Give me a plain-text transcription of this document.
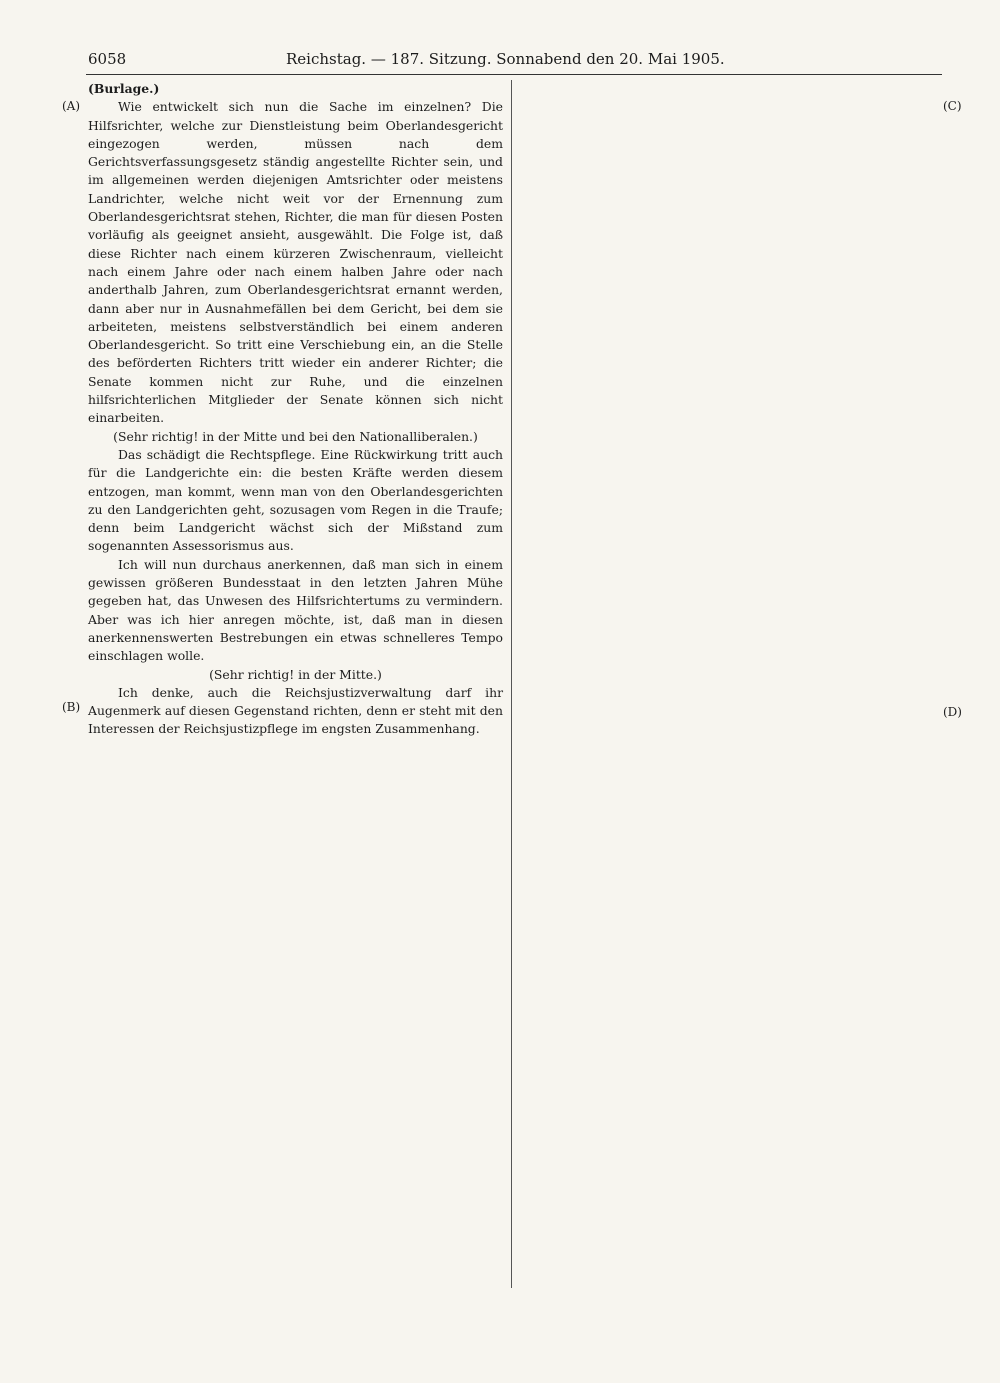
6058	Reichstag. — 187. Sitzung. Sonnabend den 20. Mai 1905.
(A)
(B)
(C)
(D)

(Burlage.)

Wie entwickelt sich nun die Sache im einzelnen? Die Hilfsrichter, welche zur Dienstleistung beim Oberlandesgericht eingezogen werden, müssen nach dem Gerichtsverfassungsgesetz ständig angestellte Richter sein, und im allgemeinen werden diejenigen Amtsrichter oder meistens Landrichter, welche nicht weit vor der Ernennung zum Oberlandesgerichtsrat stehen, Richter, die man für diesen Posten vorläufig als geeignet ansieht, ausgewählt. Die Folge ist, daß diese Richter nach einem kürzeren Zwischenraum, vielleicht nach einem Jahre oder nach einem halben Jahre oder nach anderthalb Jahren, zum Oberlandesgerichtsrat ernannt werden, dann aber nur in Ausnahmefällen bei dem Gericht, bei dem sie arbeiteten, meistens selbstverständlich bei einem anderen Oberlandesgericht. So tritt eine Verschiebung ein, an die Stelle des beförderten Richters tritt wieder ein anderer Richter; die Senate kommen nicht zur Ruhe, und die einzelnen hilfsrichterlichen Mitglieder der Senate können sich nicht einarbeiten.

(Sehr richtig! in der Mitte und bei den Nationalliberalen.)

Das schädigt die Rechtspflege. Eine Rückwirkung tritt auch für die Landgerichte ein: die besten Kräfte werden diesem entzogen, man kommt, wenn man von den Oberlandesgerichten zu den Landgerichten geht, sozusagen vom Regen in die Traufe; denn beim Landgericht wächst sich der Mißstand zum sogenannten Assessorismus aus.

Ich will nun durchaus anerkennen, daß man sich in einem gewissen größeren Bundesstaat in den letzten Jahren Mühe gegeben hat, das Unwesen des Hilfsrichtertums zu vermindern. Aber was ich hier anregen möchte, ist, daß man in diesen anerkennenswerten Bestrebungen ein etwas schnelleres Tempo einschlagen wolle.

(Sehr richtig! in der Mitte.)

Ich denke, auch die Reichsjustizverwaltung darf ihr Augenmerk auf diesen Gegenstand richten, denn er steht mit den Interessen der Reichsjustizpflege im engsten Zusammenhang.
